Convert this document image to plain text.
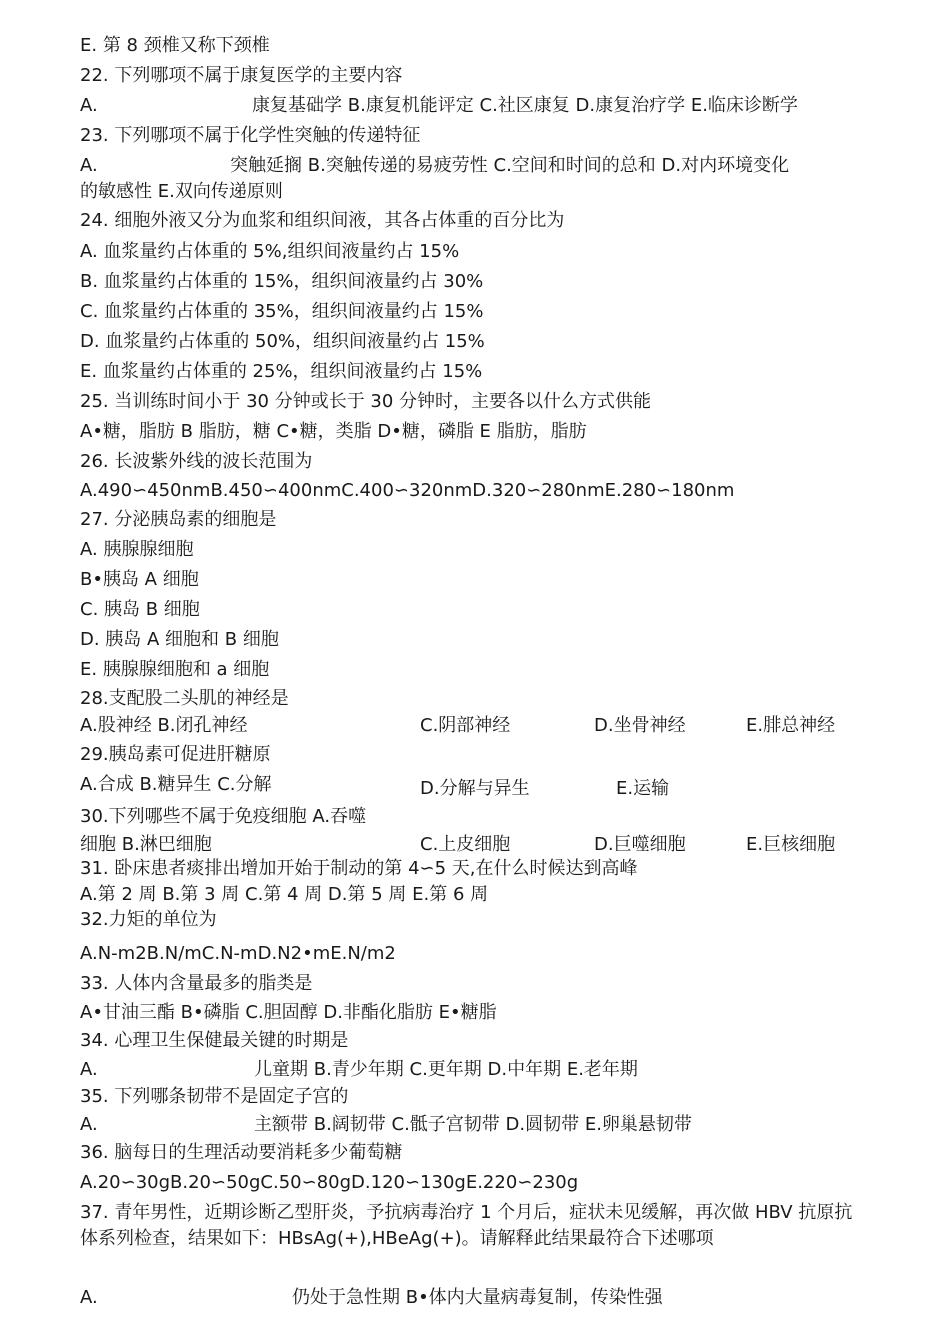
E. 第 8 颈椎又称下颈椎
22. 下列哪项不属于康复医学的主要内容
A.	康复基础学 B.康复机能评定 C.社区康复 D.康复治疗学 E.临床诊断学
23. 下列哪项不属于化学性突触的传递特征
A.	突触延搁 B.突触传递的易疲劳性 C.空间和时间的总和 D.对内环境变化
的敏感性 E.双向传递原则
24. 细胞外液又分为血浆和组织间液，其各占体重的百分比为
A. 血浆量约占体重的 5%,组织间液量约占 15%
B. 血浆量约占体重的 15%，组织间液量约占 30%
C. 血浆量约占体重的 35%，组织间液量约占 15%
D. 血浆量约占体重的 50%，组织间液量约占 15%
E. 血浆量约占体重的 25%，组织间液量约占 15%
25. 当训练时间小于 30 分钟或长于 30 分钟时，主要各以什么方式供能
A•糖，脂肪 B 脂肪，糖 C•糖，类脂 D•糖，磷脂 E 脂肪，脂肪
26. 长波紫外线的波长范围为
A.490∽450nmB.450∽400nmC.400∽320nmD.320∽280nmE.280∽180nm
27. 分泌胰岛素的细胞是
A. 胰腺腺细胞
B•胰岛 A 细胞
C. 胰岛 B 细胞
D. 胰岛 A 细胞和 B 细胞
E. 胰腺腺细胞和 a 细胞
28.支配股二头肌的神经是
A.股神经 B.闭孔神经	C.阴部神经	D.坐骨神经	E.腓总神经
29.胰岛素可促进肝糖原
A.合成 B.糖异生 C.分解	D.分解与异生	E.运输
30.下列哪些不属于免疫细胞 A.吞噬
细胞 B.淋巴细胞	C.上皮细胞	D.巨噬细胞	E.巨核细胞
31. 卧床患者痰排出增加开始于制动的第 4∽5 天,在什么时候达到高峰
A.第 2 周 B.第 3 周 C.第 4 周 D.第 5 周 E.第 6 周
32.力矩的单位为
A.N-m2B.N/mC.N-mD.N2•mE.N/m2
33. 人体内含量最多的脂类是
A•甘油三酯 B•磷脂 C.胆固醇 D.非酯化脂肪 E•糖脂
34. 心理卫生保健最关键的时期是
A.	儿童期 B.青少年期 C.更年期 D.中年期 E.老年期
35. 下列哪条韧带不是固定子宫的
A.	主额带 B.阔韧带 C.骶子宫韧带 D.圆韧带 E.卵巢悬韧带
36. 脑每日的生理活动要消耗多少葡萄糖
A.20∽30gB.20∽50gC.50∽80gD.120∽130gE.220∽230g
37. 青年男性，近期诊断乙型肝炎，予抗病毒治疗 1 个月后，症状未见缓解，再次做 HBV 抗原抗体系列检查，结果如下：HBsAg(+),HBeAg(+)。请解释此结果最符合下述哪项
A.	仍处于急性期 B•体内大量病毒复制，传染性强
